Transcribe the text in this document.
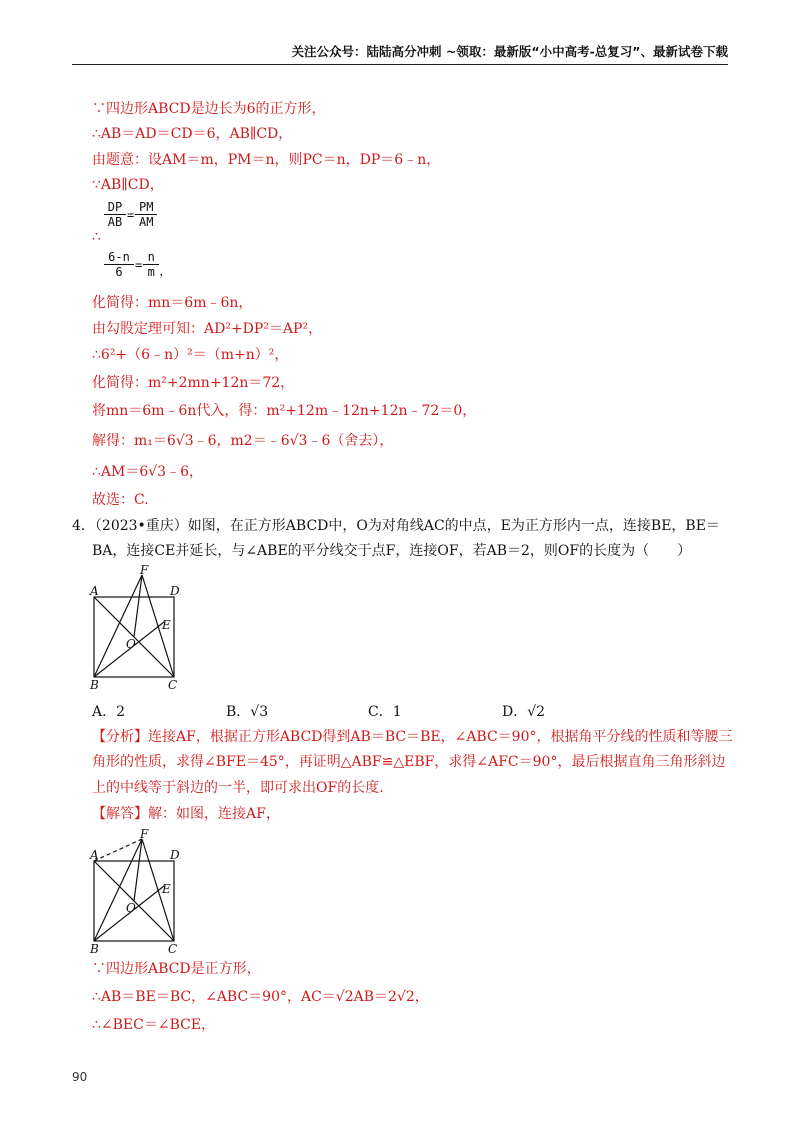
关注公众号：陆陆高分冲刺 ~领取：最新版“小中高考-总复习”、最新试卷下载
∵四边形ABCD是边长为6的正方形，
∴AB＝AD＝CD＝6，AB∥CD，
由题意：设AM＝m，PM＝n，则PC＝n，DP＝6﹣n，
∵AB∥CD，
DP
AB
=
PM
AM
∴
6-n
6
=
n
m ，
化简得：mn＝6m﹣6n，
由勾股定理可知：AD²+DP²＝AP²，
∴6²+（6﹣n）²＝（m+n）²，
化简得：m²+2mn+12n＝72，
将mn＝6m﹣6n代入，得：m²+12m﹣12n+12n﹣72＝0，
解得：m₁＝6√3﹣6，m2＝﹣6√3﹣6（舍去），
∴AM＝6√3﹣6，
故选：C.
4．（2023•重庆）如图，在正方形ABCD中，O为对角线AC的中点，E为正方形内一点，连接BE，BE＝
BA，连接CE并延长，与∠ABE的平分线交于点F，连接OF，若AB＝2，则OF的长度为（　　）
A	D
F
E
O
B	C
A．2	B．√3	C．1	D．√2
【分析】连接AF，根据正方形ABCD得到AB＝BC＝BE，∠ABC＝90°，根据角平分线的性质和等腰三
角形的性质，求得∠BFE＝45°，再证明△ABF≌△EBF，求得∠AFC＝90°，最后根据直角三角形斜边
上的中线等于斜边的一半，即可求出OF的长度.
【解答】解：如图，连接AF，
A	D
F
E
O
B	C
∵四边形ABCD是正方形，
∴AB＝BE＝BC，∠ABC＝90°，AC＝√2AB＝2√2，
∴∠BEC＝∠BCE，
90
